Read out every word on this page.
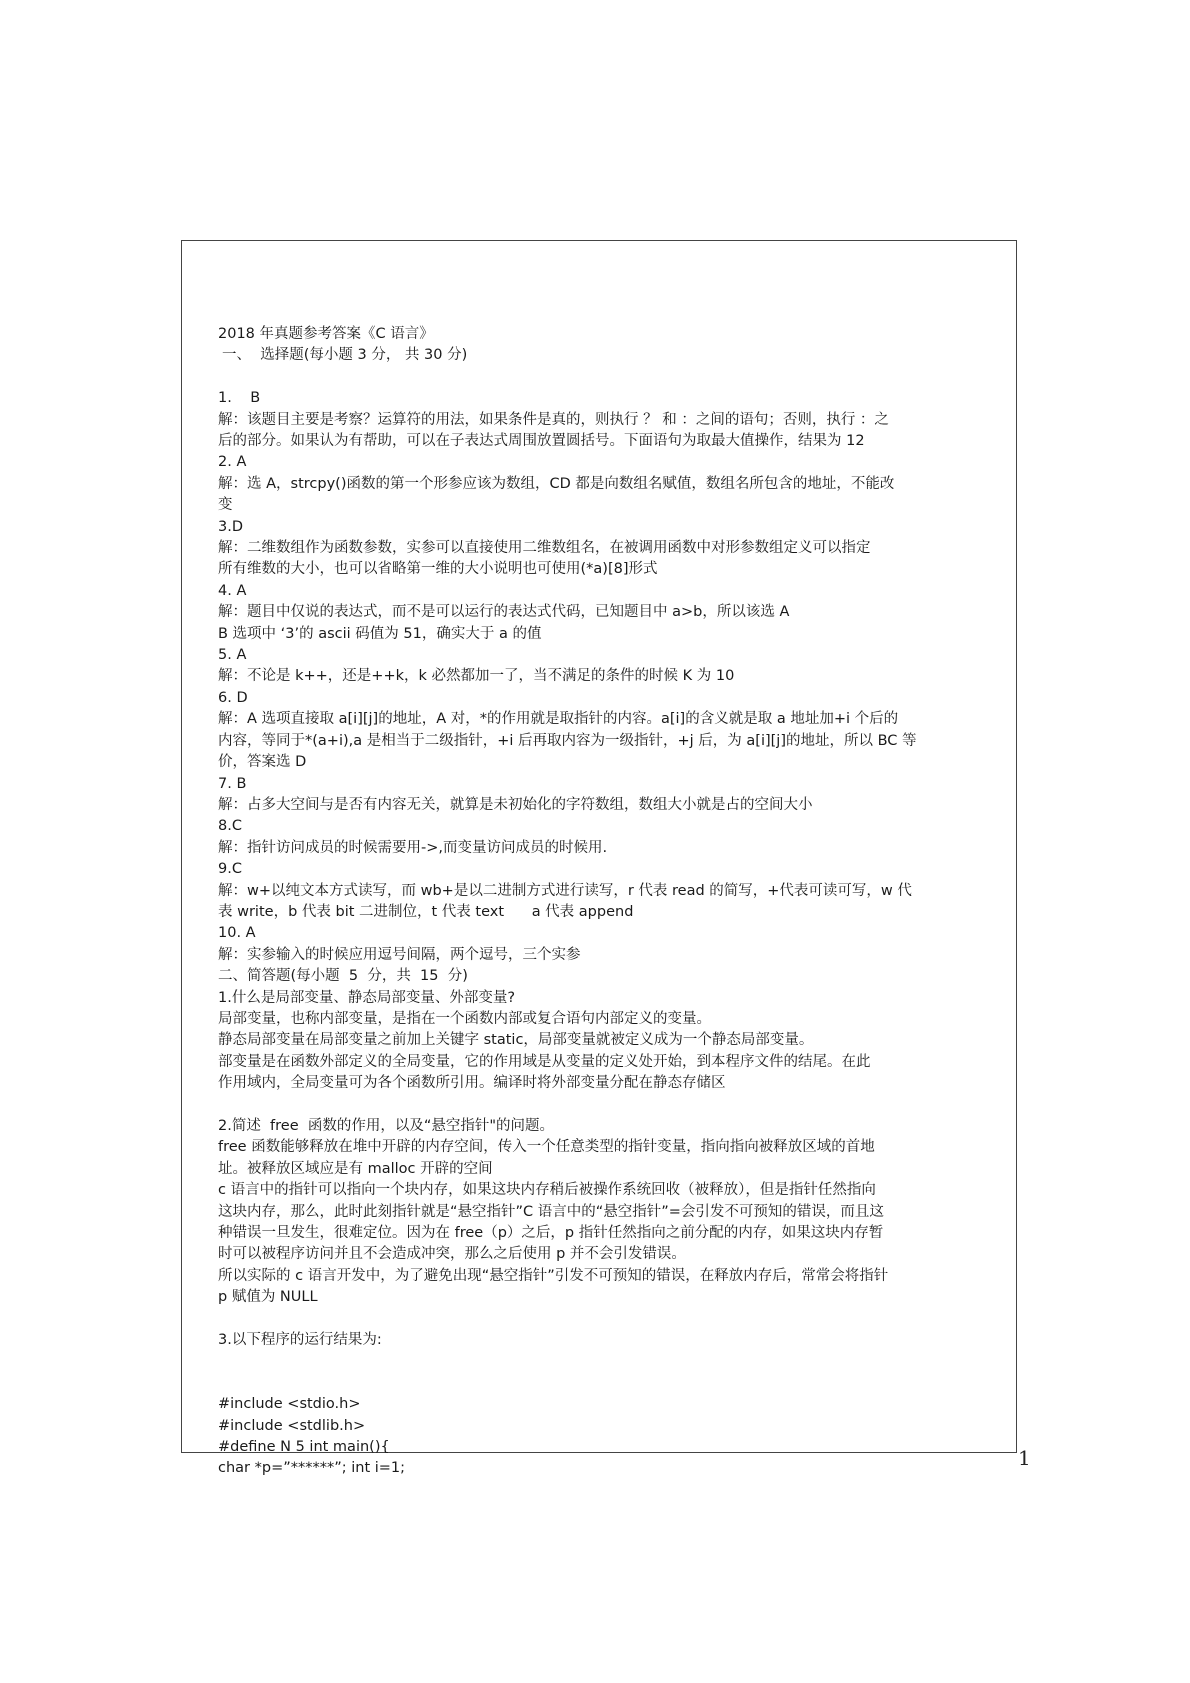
2018 年真题参考答案《C 语言》

一、  选择题(每小题 3 分， 共 30 分)

1.    B

解：该题目主要是考察？运算符的用法，如果条件是真的，则执行 ？ 和 ：之间的语句；否则，执行 ：之

后的部分。如果认为有帮助，可以在子表达式周围放置圆括号。下面语句为取最大值操作，结果为 12

2. A

解：选 A，strcpy()函数的第一个形参应该为数组，CD 都是向数组名赋值，数组名所包含的地址，不能改

变

3.D

解：二维数组作为函数参数，实参可以直接使用二维数组名，在被调用函数中对形参数组定义可以指定

所有维数的大小，也可以省略第一维的大小说明也可使用(*a)[8]形式

4. A

解：题目中仅说的表达式，而不是可以运行的表达式代码，已知题目中 a>b，所以该选 A

B 选项中 ‘3’的 ascii 码值为 51，确实大于 a 的值

5. A

解：不论是 k++，还是++k，k 必然都加一了，当不满足的条件的时候 K 为 10

6. D

解：A 选项直接取 a[i][j]的地址，A 对，*的作用就是取指针的内容。a[i]的含义就是取 a 地址加+i 个后的

内容，等同于*(a+i),a 是相当于二级指针，+i 后再取内容为一级指针，+j 后，为 a[i][j]的地址，所以 BC 等

价，答案选 D

7. B

解：占多大空间与是否有内容无关，就算是未初始化的字符数组，数组大小就是占的空间大小

8.C

解：指针访问成员的时候需要用->,而变量访问成员的时候用.

9.C

解：w+以纯文本方式读写，而 wb+是以二进制方式进行读写，r 代表 read 的简写，+代表可读可写，w 代

表 write，b 代表 bit 二进制位，t 代表 text      a 代表 append

10. A

解：实参输入的时候应用逗号间隔，两个逗号，三个实参

二、简答题(每小题  5  分，共  15  分)

1.什么是局部变量、静态局部变量、外部变量?

局部变量，也称内部变量，是指在一个函数内部或复合语句内部定义的变量。

静态局部变量在局部变量之前加上关键字 static，局部变量就被定义成为一个静态局部变量。

部变量是在函数外部定义的全局变量，它的作用域是从变量的定义处开始，到本程序文件的结尾。在此

作用域内，全局变量可为各个函数所引用。编译时将外部变量分配在静态存储区

2.简述  free  函数的作用，以及“悬空指针"的问题。

free 函数能够释放在堆中开辟的内存空间，传入一个任意类型的指针变量，指向指向被释放区域的首地

址。被释放区域应是有 malloc 开辟的空间

c 语言中的指针可以指向一个块内存，如果这块内存稍后被操作系统回收（被释放），但是指针任然指向

这块内存，那么，此时此刻指针就是“悬空指针”C 语言中的“悬空指针”=会引发不可预知的错误，而且这

种错误一旦发生，很难定位。因为在 free（p）之后，p 指针任然指向之前分配的内存，如果这块内存暂

时可以被程序访问并且不会造成冲突，那么之后使用 p 并不会引发错误。

所以实际的 c 语言开发中，为了避免出现“悬空指针”引发不可预知的错误，在释放内存后，常常会将指针

p 赋值为 NULL

3.以下程序的运行结果为:

#include <stdio.h>

#include <stdlib.h>

#define N 5 int main(){

char *p=”******”; int i=1;	1
